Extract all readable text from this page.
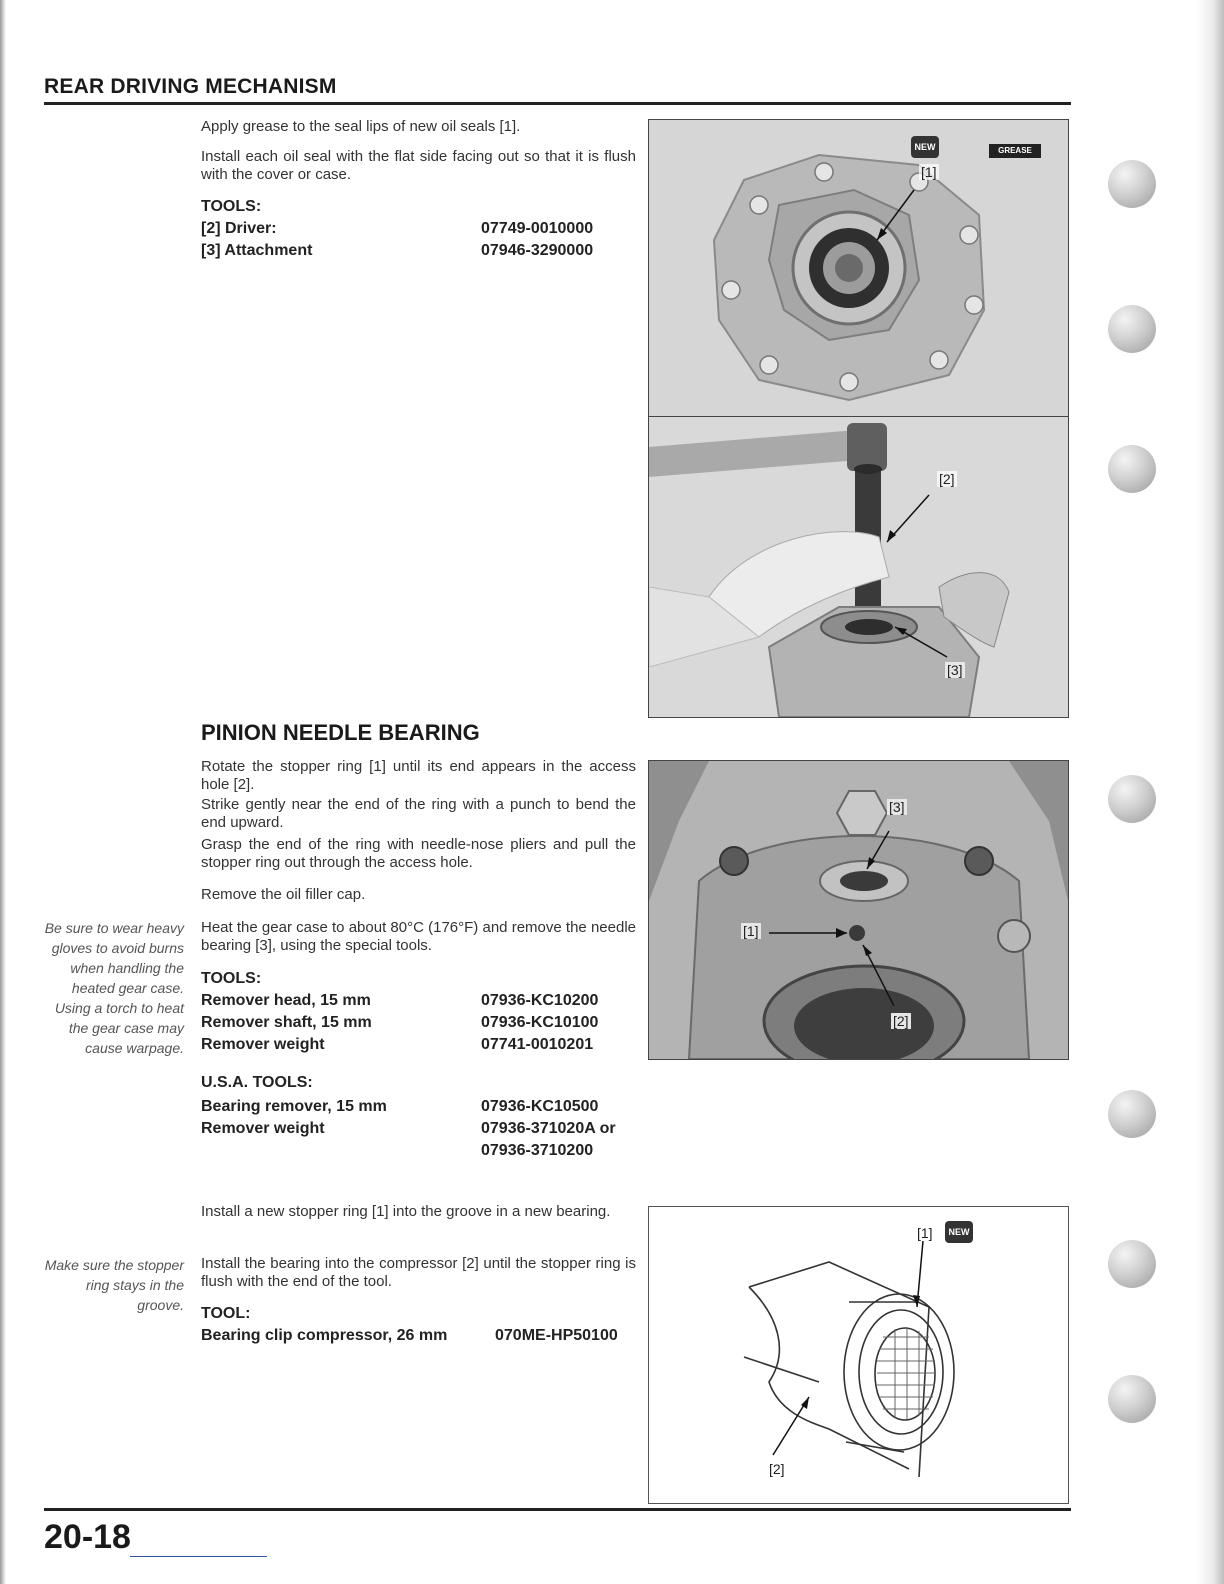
REAR DRIVING MECHANISM
Apply grease to the seal lips of new oil seals [1].
Install each oil seal with the flat side facing out so that it is flush with the cover or case.
TOOLS:
[2] Driver:	07749-0010000
[3] Attachment	07946-3290000
[1]
NEW	GREASE
[2]
[3]
PINION NEEDLE BEARING
Rotate the stopper ring [1] until its end appears in the access hole [2].
Strike gently near the end of the ring with a punch to bend the end upward.
Grasp the end of the ring with needle-nose pliers and pull the stopper ring out through the access hole.
Remove the oil filler cap.
Heat the gear case to about 80°C (176°F) and remove the needle bearing [3], using the special tools.
Be sure to wear heavy gloves to avoid burns when handling the heated gear case. Using a torch to heat the gear case may cause warpage.
TOOLS:
Remover head, 15 mm	07936-KC10200
Remover shaft, 15 mm	07936-KC10100
Remover weight	07741-0010201
U.S.A. TOOLS:
Bearing remover, 15 mm	07936-KC10500
Remover weight	07936-371020A or
07936-3710200
[3]
[1]
[2]
Install a new stopper ring [1] into the groove in a new bearing.
Install the bearing into the compressor [2] until the stopper ring is flush with the end of the tool.
Make sure the stopper ring stays in the groove. TOOL:
Bearing clip compressor, 26 mm	070ME-HP50100
[1]	NEW
[2]
20-18
